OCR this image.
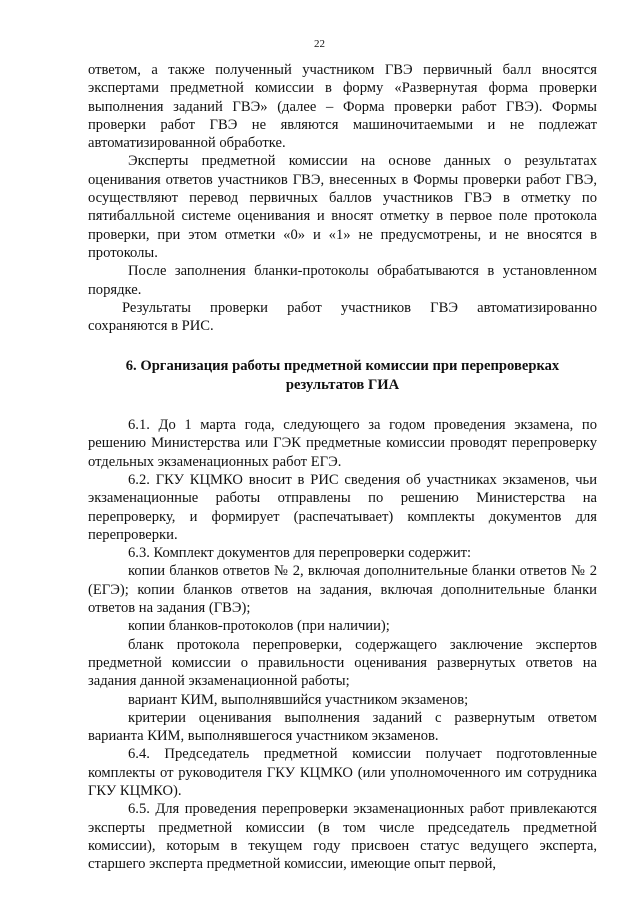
22

ответом, а также полученный участником ГВЭ первичный балл вносятся экспертами предметной комиссии в форму «Развернутая форма проверки выполнения заданий ГВЭ» (далее – Форма проверки работ ГВЭ). Формы проверки работ ГВЭ не являются машиночитаемыми и не подлежат автоматизированной обработке.

Эксперты предметной комиссии на основе данных о результатах оценивания ответов участников ГВЭ, внесенных в Формы проверки работ ГВЭ, осуществляют перевод первичных баллов участников ГВЭ в отметку по пятибалльной системе оценивания и вносят отметку в первое поле протокола проверки, при этом отметки «0» и «1» не предусмотрены, и не вносятся в протоколы.

После заполнения бланки-протоколы обрабатываются в установленном порядке.

Результаты проверки работ участников ГВЭ автоматизированно сохраняются в РИС.

6. Организация работы предметной комиссии при перепроверках результатов ГИА

6.1. До 1 марта года, следующего за годом проведения экзамена, по решению Министерства или ГЭК предметные комиссии проводят перепроверку отдельных экзаменационных работ ЕГЭ.

6.2. ГКУ КЦМКО вносит в РИС сведения об участниках экзаменов, чьи экзаменационные работы отправлены по решению Министерства на перепроверку, и формирует (распечатывает) комплекты документов для перепроверки.

6.3. Комплект документов для перепроверки содержит:

копии бланков ответов № 2, включая дополнительные бланки ответов № 2 (ЕГЭ); копии бланков ответов на задания, включая дополнительные бланки ответов на задания (ГВЭ);

копии бланков-протоколов (при наличии);

бланк протокола перепроверки, содержащего заключение экспертов предметной комиссии о правильности оценивания развернутых ответов на задания данной экзаменационной работы;

вариант КИМ, выполнявшийся участником экзаменов;

критерии оценивания выполнения заданий с развернутым ответом варианта КИМ, выполнявшегося участником экзаменов.

6.4. Председатель предметной комиссии получает подготовленные комплекты от руководителя ГКУ КЦМКО (или уполномоченного им сотрудника ГКУ КЦМКО).

6.5. Для проведения перепроверки экзаменационных работ привлекаются эксперты предметной комиссии (в том числе председатель предметной комиссии), которым в текущем году присвоен статус ведущего эксперта, старшего эксперта предметной комиссии, имеющие опыт первой,
